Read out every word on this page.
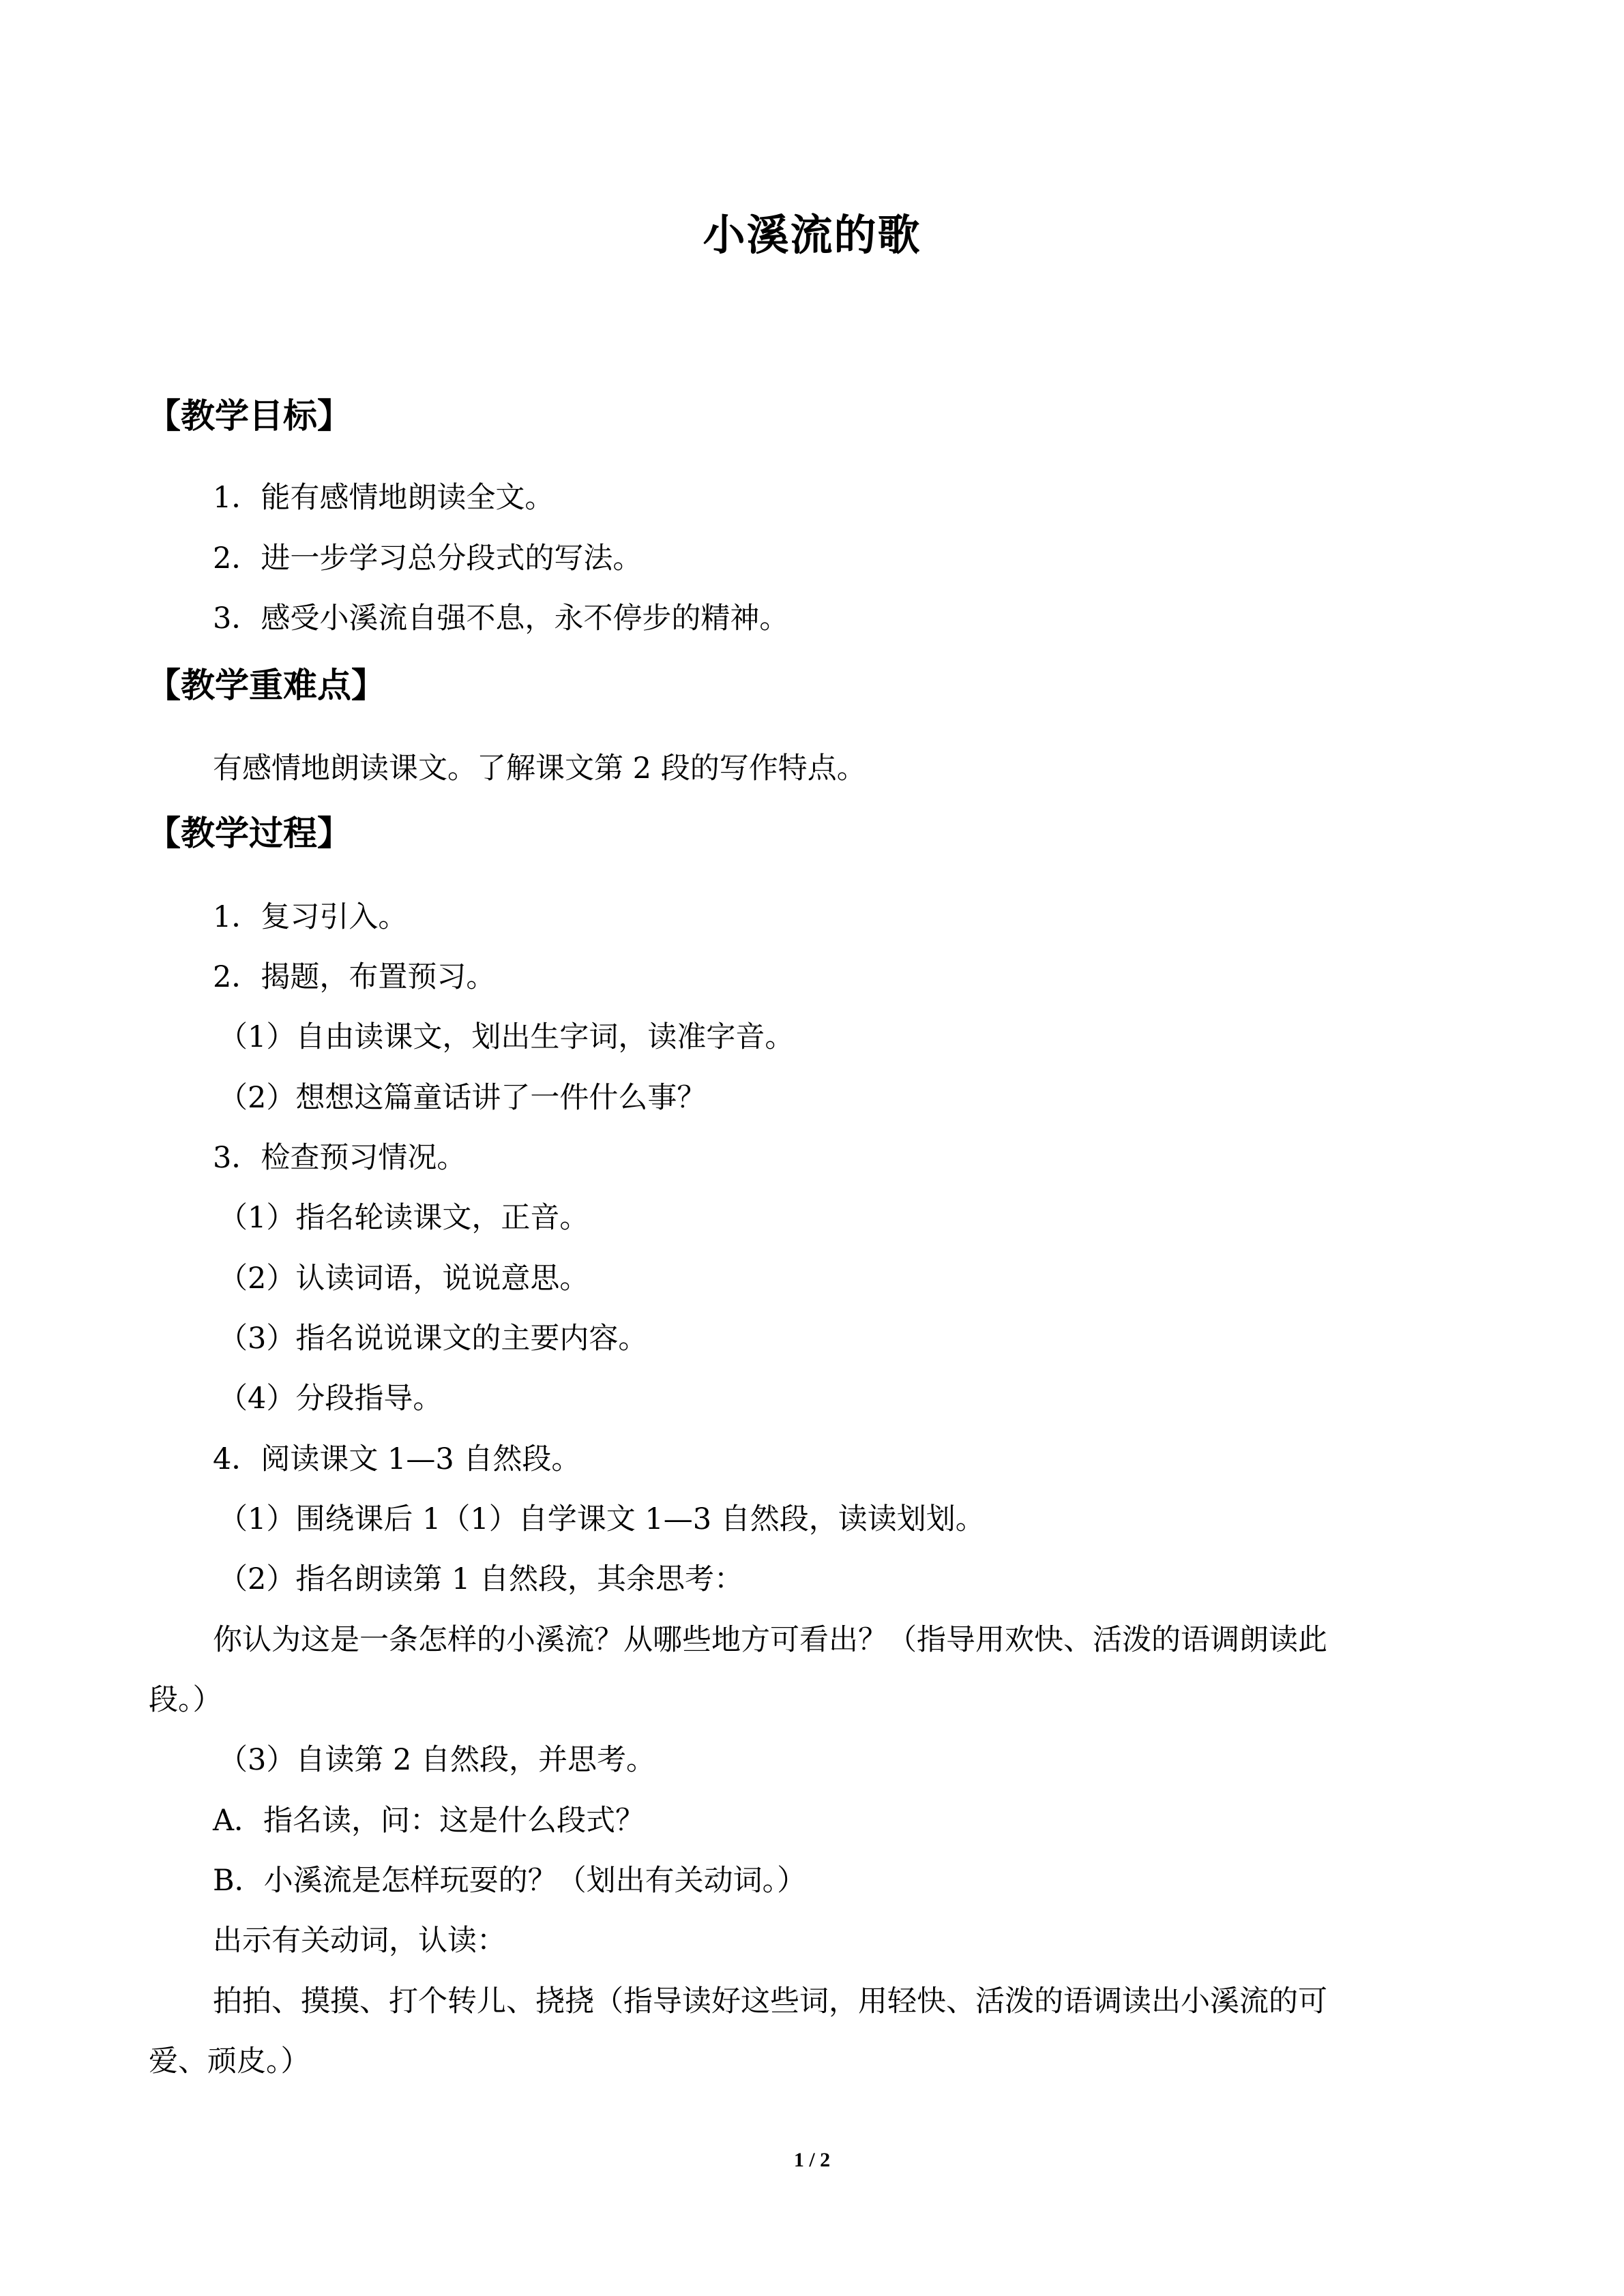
小溪流的歌
【教学目标】
1．能有感情地朗读全文。
2．进一步学习总分段式的写法。
3．感受小溪流自强不息，永不停步的精神。
【教学重难点】
有感情地朗读课文。了解课文第 2 段的写作特点。
【教学过程】
1．复习引入。
2．揭题，布置预习。
（1）自由读课文，划出生字词，读准字音。
（2）想想这篇童话讲了一件什么事？
3．检查预习情况。
（1）指名轮读课文，正音。
（2）认读词语，说说意思。
（3）指名说说课文的主要内容。
（4）分段指导。
4．阅读课文 1—3 自然段。
（1）围绕课后 1（1）自学课文 1—3 自然段，读读划划。
（2）指名朗读第 1 自然段，其余思考：
你认为这是一条怎样的小溪流？从哪些地方可看出？（指导用欢快、活泼的语调朗读此
段。）
（3）自读第 2 自然段，并思考。
A．指名读，问：这是什么段式？
B．小溪流是怎样玩耍的？（划出有关动词。）
出示有关动词，认读：
拍拍、摸摸、打个转儿、挠挠（指导读好这些词，用轻快、活泼的语调读出小溪流的可
爱、顽皮。）
1 / 2
